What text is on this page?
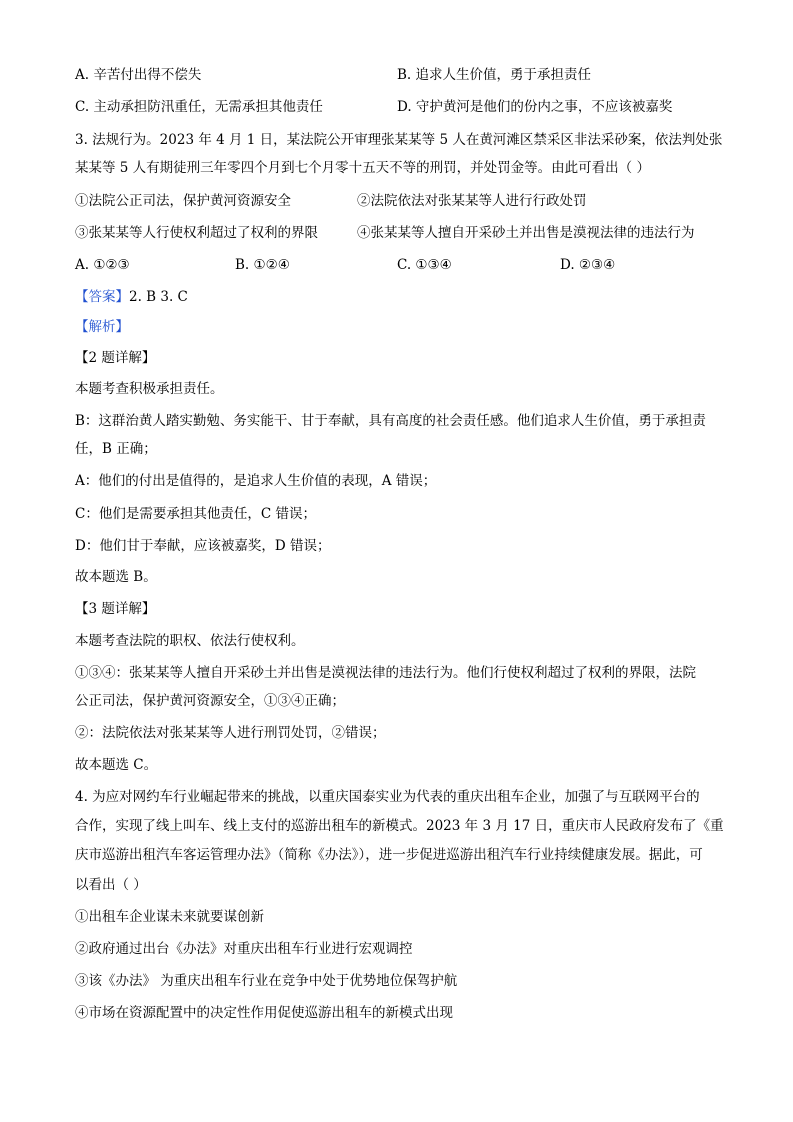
A. 辛苦付出得不偿失	B. 追求人生价值，勇于承担责任
C. 主动承担防汛重任，无需承担其他责任	D. 守护黄河是他们的份内之事，不应该被嘉奖
3. 法规行为。2023 年 4 月 1 日，某法院公开审理张某某等 5 人在黄河滩区禁采区非法采砂案，依法判处张
某某等 5 人有期徒刑三年零四个月到七个月零十五天不等的刑罚，并处罚金等。由此可看出（ ）
①法院公正司法，保护黄河资源安全	②法院依法对张某某等人进行行政处罚
③张某某等人行使权利超过了权利的界限	④张某某等人擅自开采砂土并出售是漠视法律的违法行为
A. ①②③	B. ①②④	C. ①③④	D. ②③④
【答案】2. B 3. C
【解析】
【2 题详解】
本题考查积极承担责任。
B：这群治黄人踏实勤勉、务实能干、甘于奉献，具有高度的社会责任感。他们追求人生价值，勇于承担责
任，B 正确；
A：他们的付出是值得的，是追求人生价值的表现，A 错误；
C：他们是需要承担其他责任，C 错误；
D：他们甘于奉献，应该被嘉奖，D 错误；
故本题选 B。
【3 题详解】
本题考查法院的职权、依法行使权利。
①③④：张某某等人擅自开采砂土并出售是漠视法律的违法行为。他们行使权利超过了权利的界限，法院
公正司法，保护黄河资源安全，①③④正确；
②：法院依法对张某某等人进行刑罚处罚，②错误；
故本题选 C。
4. 为应对网约车行业崛起带来的挑战，以重庆国泰实业为代表的重庆出租车企业，加强了与互联网平台的
合作，实现了线上叫车、线上支付的巡游出租车的新模式。2023 年 3 月 17 日，重庆市人民政府发布了《重
庆市巡游出租汽车客运管理办法》（简称《办法》），进一步促进巡游出租汽车行业持续健康发展。据此，可
以看出（ ）
①出租车企业谋未来就要谋创新
②政府通过出台《办法》对重庆出租车行业进行宏观调控
③该《办法》 为重庆出租车行业在竞争中处于优势地位保驾护航
④市场在资源配置中的决定性作用促使巡游出租车的新模式出现
